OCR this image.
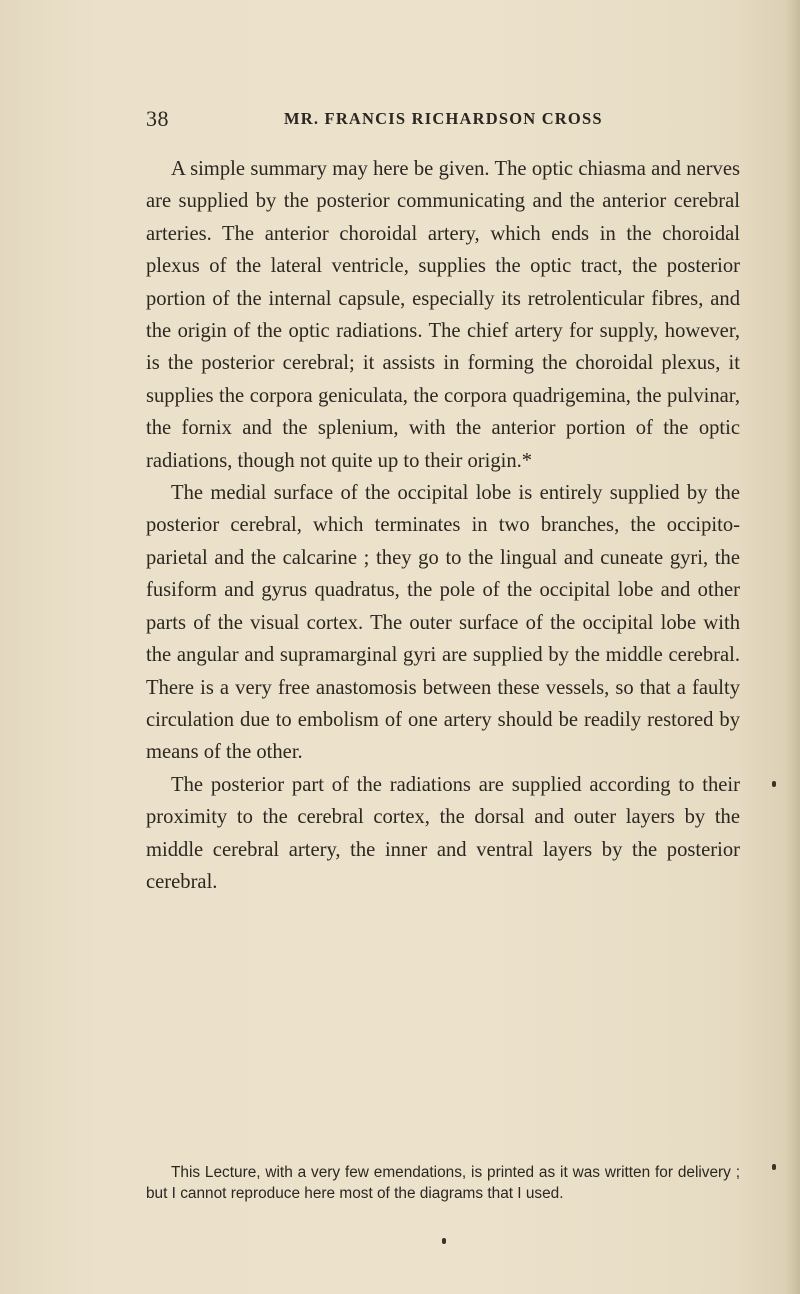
38	MR. FRANCIS RICHARDSON CROSS

A simple summary may here be given. The optic chiasma and nerves are supplied by the posterior communicating and the anterior cerebral arteries. The anterior choroidal artery, which ends in the choroidal plexus of the lateral ventricle, supplies the optic tract, the posterior portion of the internal capsule, especially its retrolenticular fibres, and the origin of the optic radiations. The chief artery for supply, however, is the posterior cerebral; it assists in forming the choroidal plexus, it supplies the corpora geniculata, the corpora quadrigemina, the pulvinar, the fornix and the splenium, with the anterior portion of the optic radiations, though not quite up to their origin.*

The medial surface of the occipital lobe is entirely supplied by the posterior cerebral, which terminates in two branches, the occipito-parietal and the calcarine ; they go to the lingual and cuneate gyri, the fusiform and gyrus quadratus, the pole of the occipital lobe and other parts of the visual cortex. The outer surface of the occipital lobe with the angular and supramarginal gyri are supplied by the middle cerebral. There is a very free anastomosis between these vessels, so that a faulty circulation due to embolism of one artery should be readily restored by means of the other.

The posterior part of the radiations are supplied according to their proximity to the cerebral cortex, the dorsal and outer layers by the middle cerebral artery, the inner and ventral layers by the posterior cerebral.

This Lecture, with a very few emendations, is printed as it was written for delivery ; but I cannot reproduce here most of the diagrams that I used.
